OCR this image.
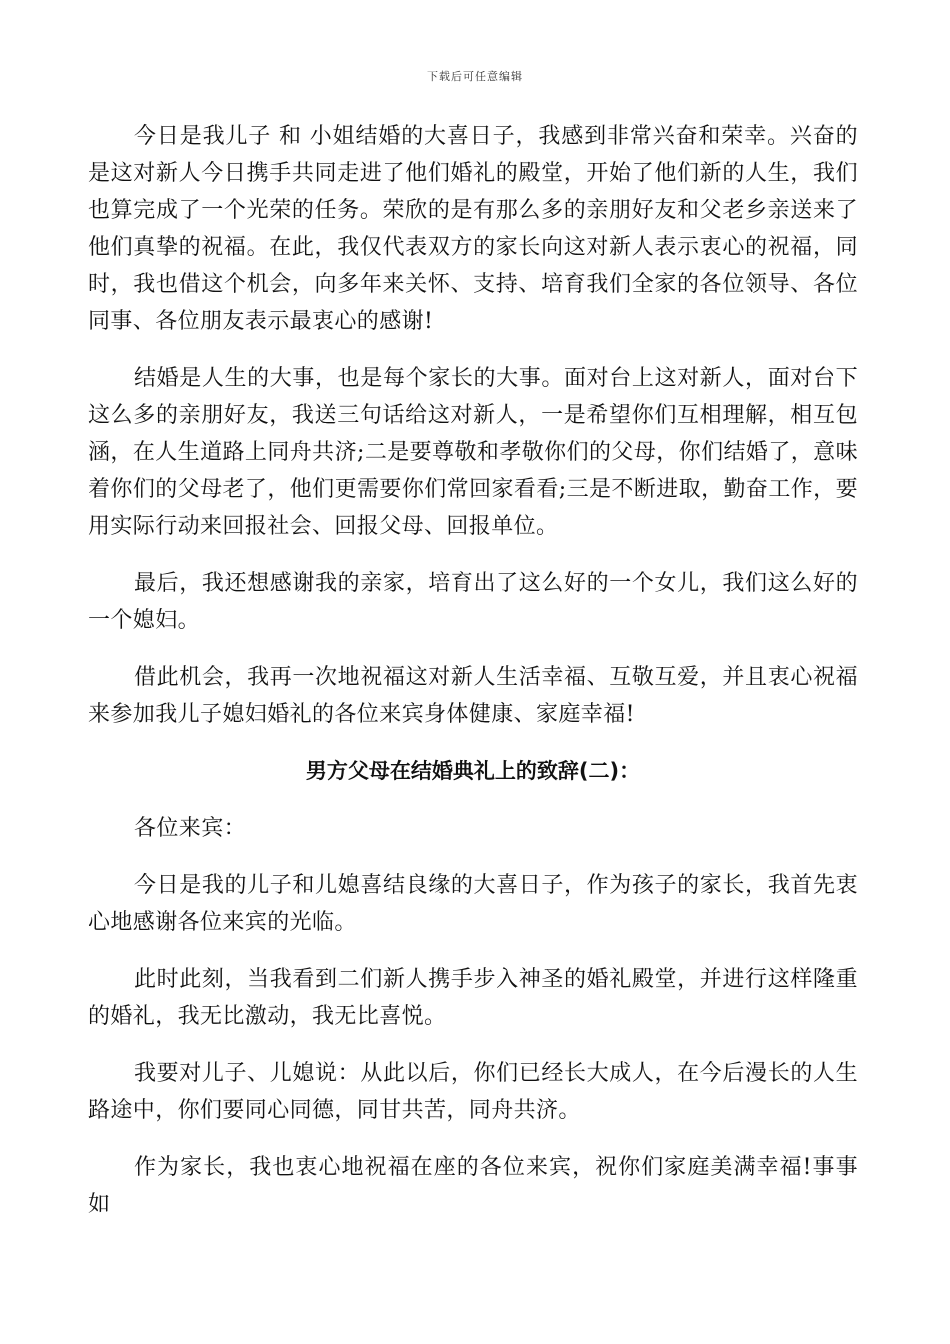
下载后可任意编辑

今日是我儿子 和 小姐结婚的大喜日子，我感到非常兴奋和荣幸。兴奋的是这对新人今日携手共同走进了他们婚礼的殿堂，开始了他们新的人生，我们也算完成了一个光荣的任务。荣欣的是有那么多的亲朋好友和父老乡亲送来了他们真挚的祝福。在此，我仅代表双方的家长向这对新人表示衷心的祝福，同时，我也借这个机会，向多年来关怀、支持、培育我们全家的各位领导、各位同事、各位朋友表示最衷心的感谢!

结婚是人生的大事，也是每个家长的大事。面对台上这对新人，面对台下这么多的亲朋好友，我送三句话给这对新人，一是希望你们互相理解，相互包涵，在人生道路上同舟共济;二是要尊敬和孝敬你们的父母，你们结婚了，意味着你们的父母老了，他们更需要你们常回家看看;三是不断进取，勤奋工作，要用实际行动来回报社会、回报父母、回报单位。

最后，我还想感谢我的亲家，培育出了这么好的一个女儿，我们这么好的一个媳妇。

借此机会，我再一次地祝福这对新人生活幸福、互敬互爱，并且衷心祝福来参加我儿子媳妇婚礼的各位来宾身体健康、家庭幸福!

男方父母在结婚典礼上的致辞(二)：

各位来宾：

今日是我的儿子和儿媳喜结良缘的大喜日子，作为孩子的家长，我首先衷心地感谢各位来宾的光临。

此时此刻，当我看到二们新人携手步入神圣的婚礼殿堂，并进行这样隆重的婚礼，我无比激动，我无比喜悦。

我要对儿子、儿媳说：从此以后，你们已经长大成人，在今后漫长的人生路途中，你们要同心同德，同甘共苦，同舟共济。

作为家长，我也衷心地祝福在座的各位来宾，祝你们家庭美满幸福!事事如
